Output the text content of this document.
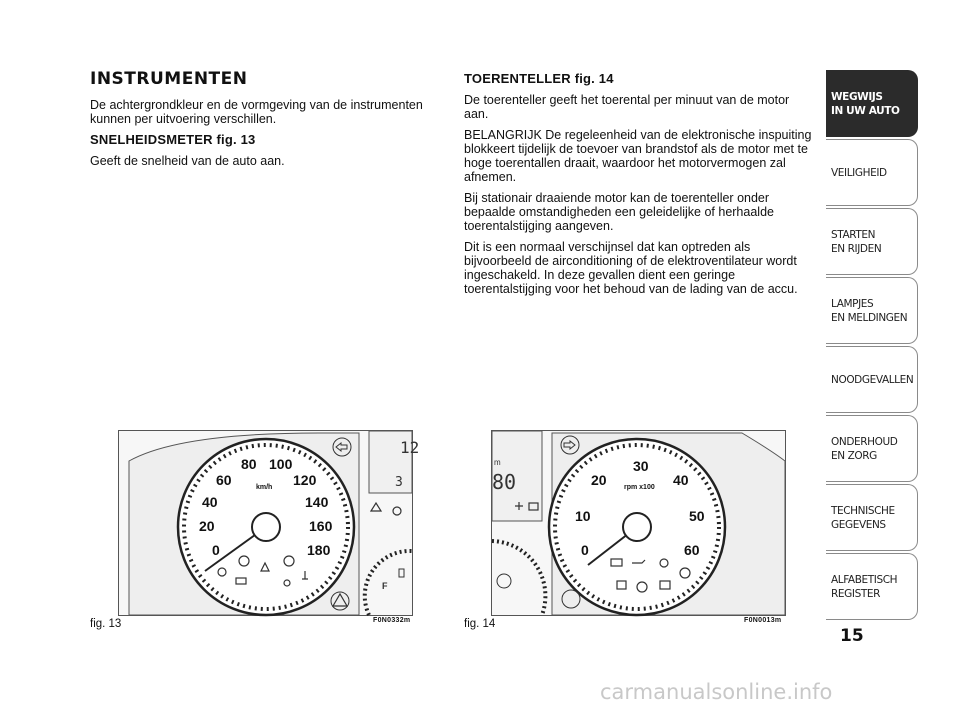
INSTRUMENTEN

De achtergrondkleur en de vormgeving van de instrumenten kunnen per uitvoering verschillen.

SNELHEIDSMETER fig. 13

Geeft de snelheid van de auto aan.

TOERENTELLER fig. 14

De toerenteller geeft het toerental per minuut van de motor aan.

BELANGRIJK De regeleenheid van de elektronische inspuiting blokkeert tijdelijk de toevoer van brandstof als de motor met te hoge toerentallen draait, waardoor het motorvermogen zal afnemen.

Bij stationair draaiende motor kan de toerenteller onder bepaalde omstandigheden een geleidelijke of herhaalde toerentalstijging aangeven.

Dit is een normaal verschijnsel dat kan optreden als bijvoorbeeld de airconditioning of de elektroventilateur wordt ingeschakeld. In deze gevallen dient een geringe toerentalstijging voor het behoud van de lading van de accu.

WEGWIJS
IN UW AUTO
VEILIGHEID
STARTEN
EN RIJDEN
LAMPJES
EN MELDINGEN
NOODGEVALLEN
ONDERHOUD
EN ZORG
TECHNISCHE
GEGEVENS
ALFABETISCH
REGISTER
15
0
20
40
60
80 100
120
140
160
180
km/h
12
3
F
fig. 13	F0N0332m
m
80
0
10
20
30
40
50
60
rpm x100
fig. 14	F0N0013m
carmanualsonline.info
